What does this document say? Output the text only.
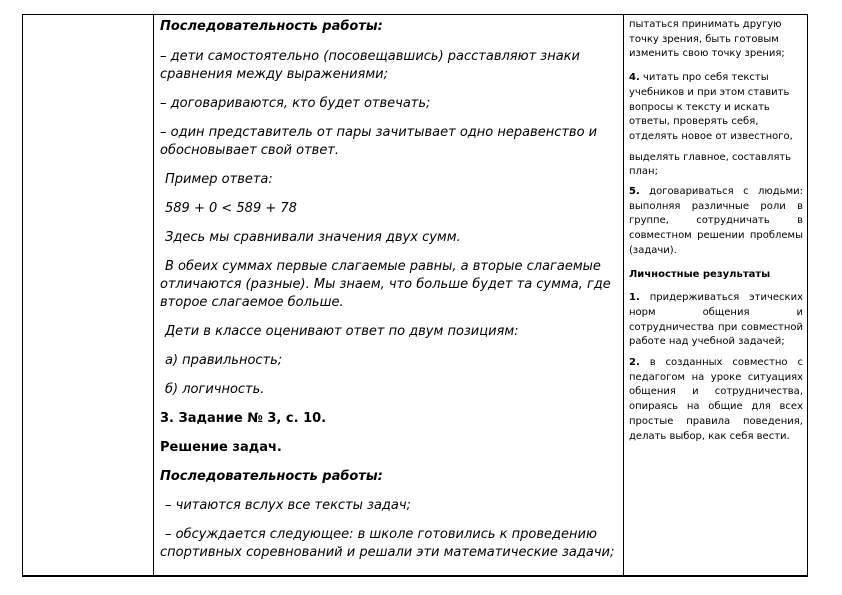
Последовательность работы:

– дети самостоятельно (посовещавшись) расставляют знаки сравнения между выражениями;

– договариваются, кто будет отвечать;

– один представитель от пары зачитывает одно неравенство и обосновывает свой ответ.

Пример ответа:

589 + 0 < 589 + 78

Здесь мы сравнивали значения двух сумм.

В обеих суммах первые слагаемые равны, а вторые слагаемые отличаются (разные). Мы знаем, что больше будет та сумма, где второе слагаемое больше.

Дети в классе оценивают ответ по двум позициям:

а) правильность;

б) логичность.

3. Задание № 3, с. 10.

Решение задач.

Последовательность работы:

– читаются вслух все тексты задач;

– обсуждается следующее: в школе готовились к проведению спортивных соревнований и решали эти математические задачи;

пытаться принимать другую точку зрения, быть готовым изменить свою точку зрения;

4. читать про себя тексты учебников и при этом ставить вопросы к тексту и искать ответы, проверять себя, отделять новое от известного,

выделять главное, составлять план;

5. договариваться с людьми: выполняя различные роли в группе, сотрудничать в совместном решении проблемы (задачи).

Личностные результаты

1. придерживаться этических норм общения и сотрудничества при совместной работе над учебной задачей;

2. в созданных совместно с педагогом на уроке ситуациях общения и сотрудничества, опираясь на общие для всех простые правила поведения, делать выбор, как себя вести.
